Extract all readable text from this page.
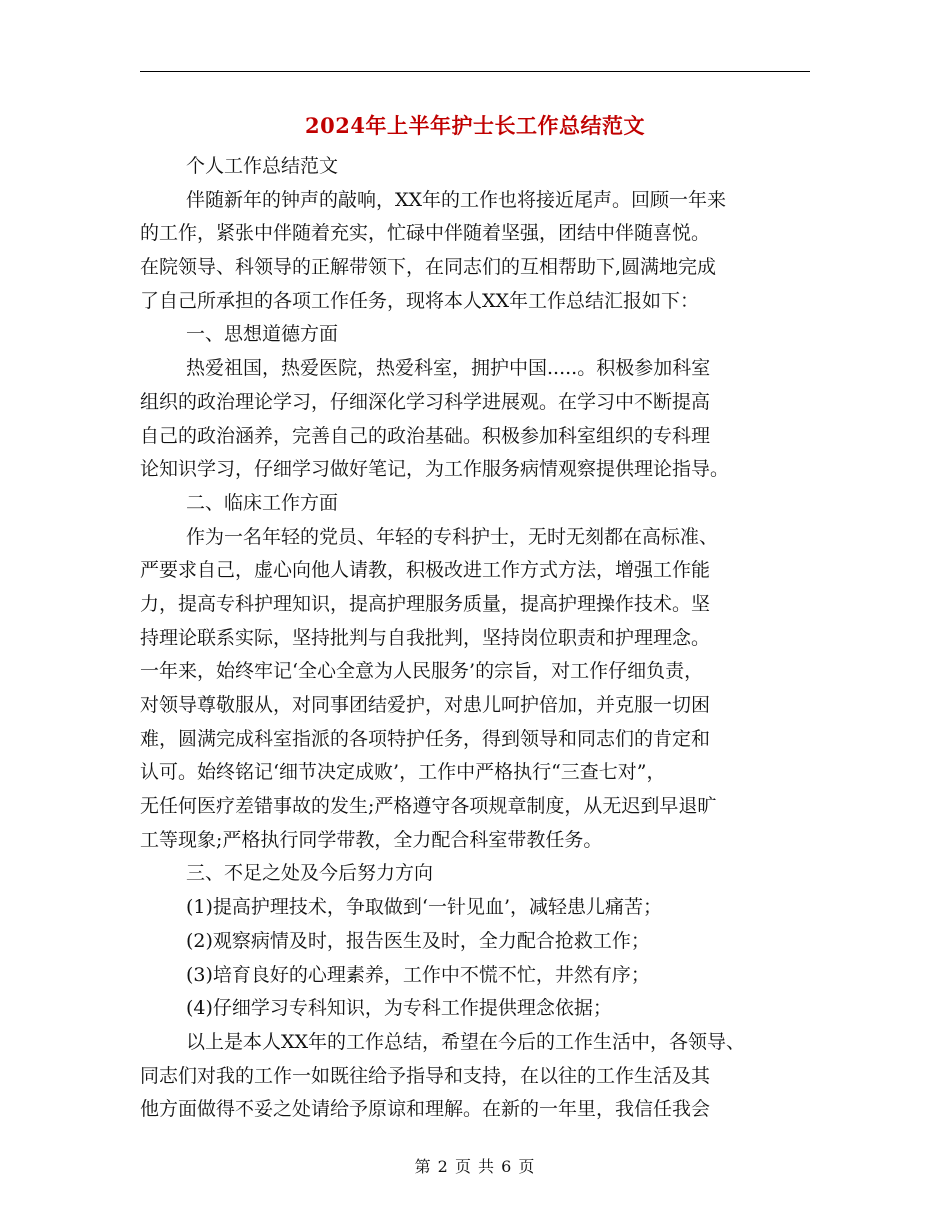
2024年上半年护士长工作总结范文
个人工作总结范文
伴随新年的钟声的敲响，XX年的工作也将接近尾声。回顾一年来
的工作，紧张中伴随着充实，忙碌中伴随着坚强，团结中伴随喜悦。
在院领导、科领导的正解带领下，在同志们的互相帮助下,圆满地完成
了自己所承担的各项工作任务，现将本人XX年工作总结汇报如下：
一、思想道德方面
热爱祖国，热爱医院，热爱科室，拥护中国.....。积极参加科室
组织的政治理论学习，仔细深化学习科学进展观。在学习中不断提高
自己的政治涵养，完善自己的政治基础。积极参加科室组织的专科理
论知识学习，仔细学习做好笔记，为工作服务病情观察提供理论指导。
二、临床工作方面
作为一名年轻的党员、年轻的专科护士，无时无刻都在高标准、
严要求自己，虚心向他人请教，积极改进工作方式方法，增强工作能
力，提高专科护理知识，提高护理服务质量，提高护理操作技术。坚
持理论联系实际，坚持批判与自我批判，坚持岗位职责和护理理念。
一年来，始终牢记‘全心全意为人民服务’的宗旨，对工作仔细负责，
对领导尊敬服从，对同事团结爱护，对患儿呵护倍加，并克服一切困
难，圆满完成科室指派的各项特护任务，得到领导和同志们的肯定和
认可。始终铭记‘细节决定成败’，工作中严格执行“三查七对”，
无任何医疗差错事故的发生;严格遵守各项规章制度，从无迟到早退旷
工等现象;严格执行同学带教，全力配合科室带教任务。
三、不足之处及今后努力方向
(1)提高护理技术，争取做到‘一针见血’，减轻患儿痛苦；
(2)观察病情及时，报告医生及时，全力配合抢救工作；
(3)培育良好的心理素养，工作中不慌不忙，井然有序；
(4)仔细学习专科知识，为专科工作提供理念依据；
以上是本人XX年的工作总结，希望在今后的工作生活中，各领导、
同志们对我的工作一如既往给予指导和支持，在以往的工作生活及其
他方面做得不妥之处请给予原谅和理解。在新的一年里，我信任我会
第 2 页 共 6 页
